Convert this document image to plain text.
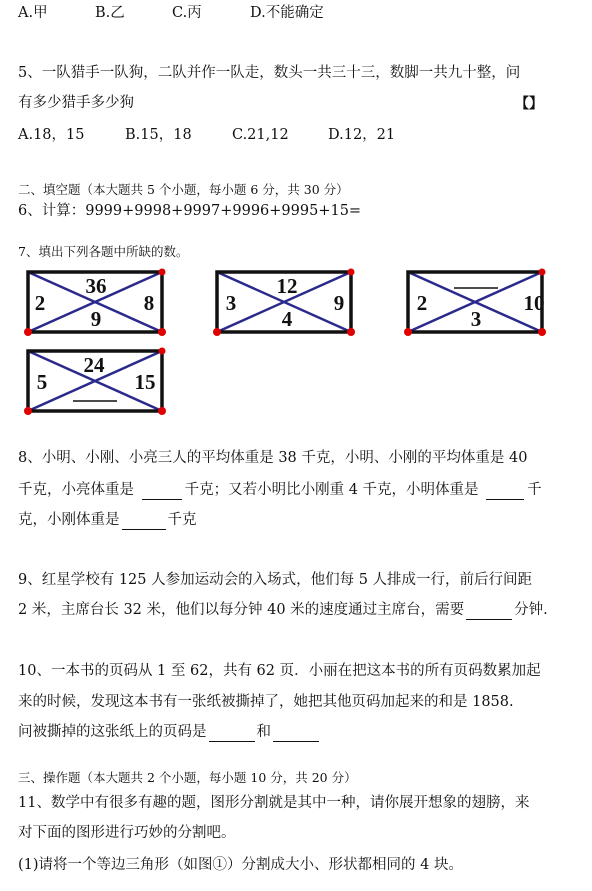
A.甲	B.乙	C.丙	D.不能确定
5、一队猎手一队狗，二队并作一队走，数头一共三十三，数脚一共九十整，问
有多少猎手多少狗	【】
A.18，15	B.15，18	C.21,12	D.12，21
二、填空题（本大题共 5 个小题，每小题 6 分，共 30 分）
6、计算：9999+9998+9997+9996+9995+15=
7、填出下列各题中所缺的数。
36
2	8
9
12
3	9
4
2	10
3
24
5	15
8、小明、小刚、小亮三人的平均体重是 38 千克，小明、小刚的平均体重是 40
千克，小亮体重是	千克；又若小明比小刚重 4 千克，小明体重是	千
克，小刚体重是	千克
9、红星学校有 125 人参加运动会的入场式，他们每 5 人排成一行，前后行间距
2 米，主席台长 32 米，他们以每分钟 40 米的速度通过主席台，需要	分钟.
10、一本书的页码从 1 至 62，共有 62 页．小丽在把这本书的所有页码数累加起
来的时候，发现这本书有一张纸被撕掉了，她把其他页码加起来的和是 1858.
问被撕掉的这张纸上的页码是	和
三、操作题（本大题共 2 个小题，每小题 10 分，共 20 分）
11、数学中有很多有趣的题，图形分割就是其中一种，请你展开想象的翅膀，来
对下面的图形进行巧妙的分割吧。
(1)请将一个等边三角形（如图①）分割成大小、形状都相同的 4 块。
